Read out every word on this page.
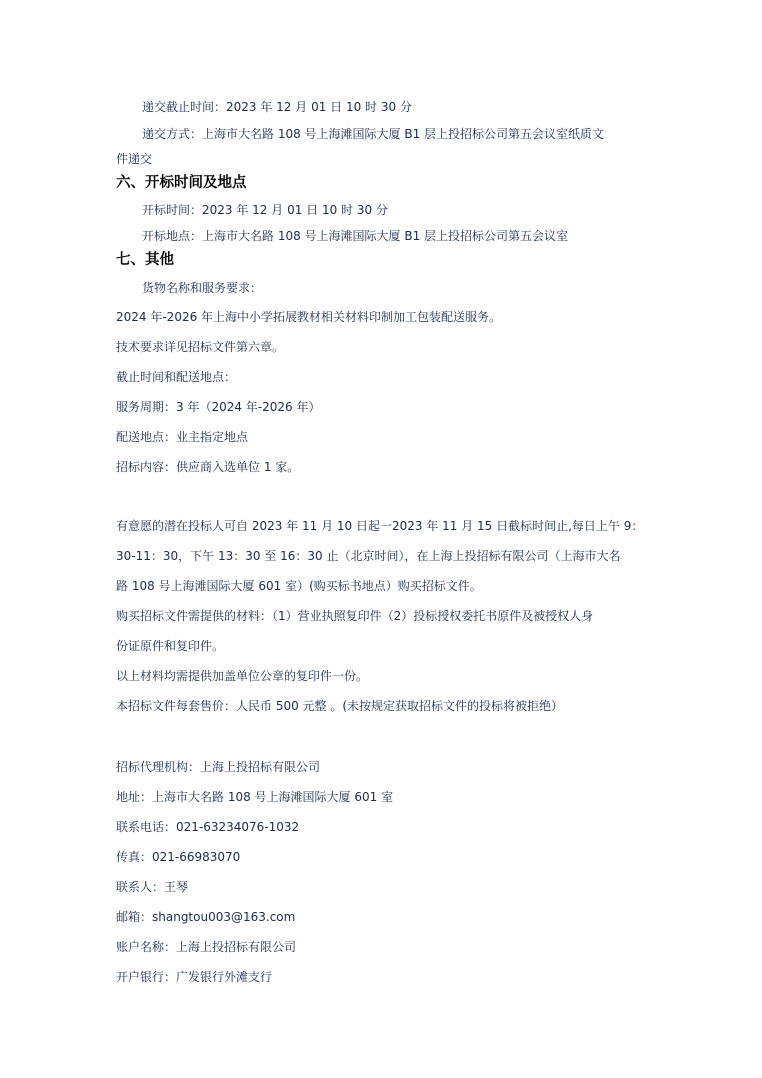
递交截止时间：2023 年 12 月 01 日 10 时 30 分
递交方式：上海市大名路 108 号上海滩国际大厦 B1 层上投招标公司第五会议室纸质文
件递交
六、开标时间及地点
开标时间：2023 年 12 月 01 日 10 时 30 分
开标地点：上海市大名路 108 号上海滩国际大厦 B1 层上投招标公司第五会议室
七、其他
货物名称和服务要求：
2024 年-2026 年上海中小学拓展教材相关材料印制加工包装配送服务。
技术要求详见招标文件第六章。
截止时间和配送地点：
服务周期：3 年（2024 年-2026 年）
配送地点：业主指定地点
招标内容：供应商入选单位 1 家。
有意愿的潜在投标人可自 2023 年 11 月 10 日起一2023 年 11 月 15 日截标时间止,每日上午 9：
30-11：30，下午 13：30 至 16：30 止（北京时间），在上海上投招标有限公司（上海市大名
路 108 号上海滩国际大厦 601 室）(购买标书地点）购买招标文件。
购买招标文件需提供的材料：（1）营业执照复印件（2）投标授权委托书原件及被授权人身
份证原件和复印件。
以上材料均需提供加盖单位公章的复印件一份。
本招标文件每套售价：人民币 500 元整 。(未按规定获取招标文件的投标将被拒绝）
招标代理机构：上海上投招标有限公司
地址：上海市大名路 108 号上海滩国际大厦 601 室
联系电话：021-63234076-1032
传真：021-66983070
联系人：王琴
邮箱：shangtou003@163.com
账户名称：上海上投招标有限公司
开户银行：广发银行外滩支行
